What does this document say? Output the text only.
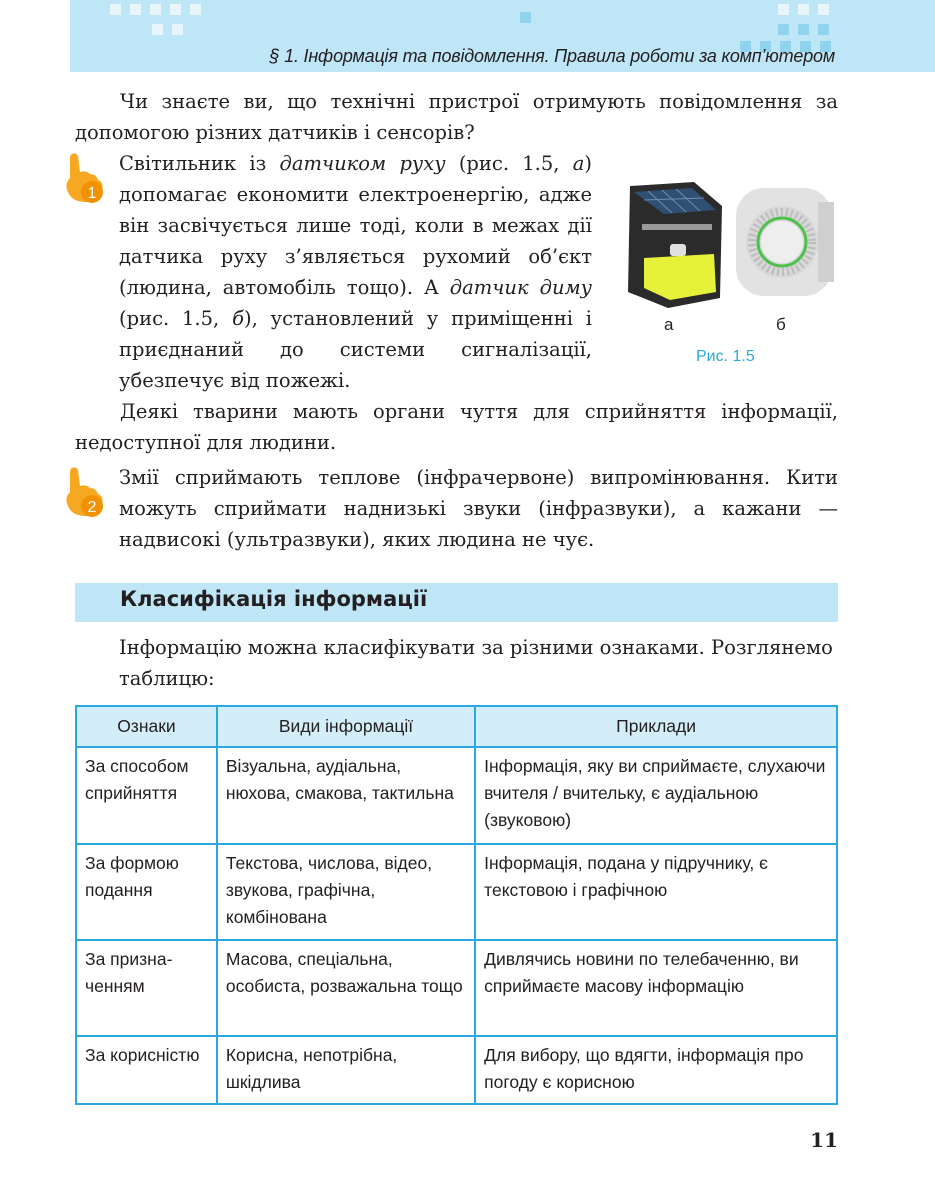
§ 1. Інформація та повідомлення. Правила роботи за комп’ютером

Чи знаєте ви, що технічні пристрої отримують повідомлення за допомогою різних датчиків і сенсорів?

1

Світильник із датчиком руху (рис. 1.5, а) допомагає економити електроенергію, адже він засвічується лише тоді, коли в межах дії датчика руху з’являється рухомий об’єкт (людина, автомобіль тощо). А датчик диму (рис. 1.5, б), установлений у приміщенні і приєднаний до системи сигналізації, убезпечує від пожежі.

а	б
Рис. 1.5

Деякі тварини мають органи чуття для сприйняття інформації, недоступної для людини.

2

Змії сприймають теплове (інфрачервоне) випромінювання. Кити можуть сприймати наднизькі звуки (інфразвуки), а кажани — надвисокі (ультразвуки), яких людина не чує.

Класифікація інформації

Інформацію можна класифікувати за різними ознаками. Розглянемо таблицю:

Ознаки	Види інформації	Приклади
За способом сприйняття	Візуальна, аудіальна, нюхова, смакова, тактильна	Інформація, яку ви сприймаєте, слухаючи вчителя / вчительку, є аудіальною (звуковою)
За формою подання	Текстова, числова, відео, звукова, графічна, комбінована	Інформація, подана у підручнику, є текстовою і графічною
За призначенням	Масова, спеціальна, особиста, розважальна тощо	Дивлячись новини по телебаченню, ви сприймаєте масову інформацію
За корисністю	Корисна, непотрібна, шкідлива	Для вибору, що вдягти, інформація про погоду є корисною
11
